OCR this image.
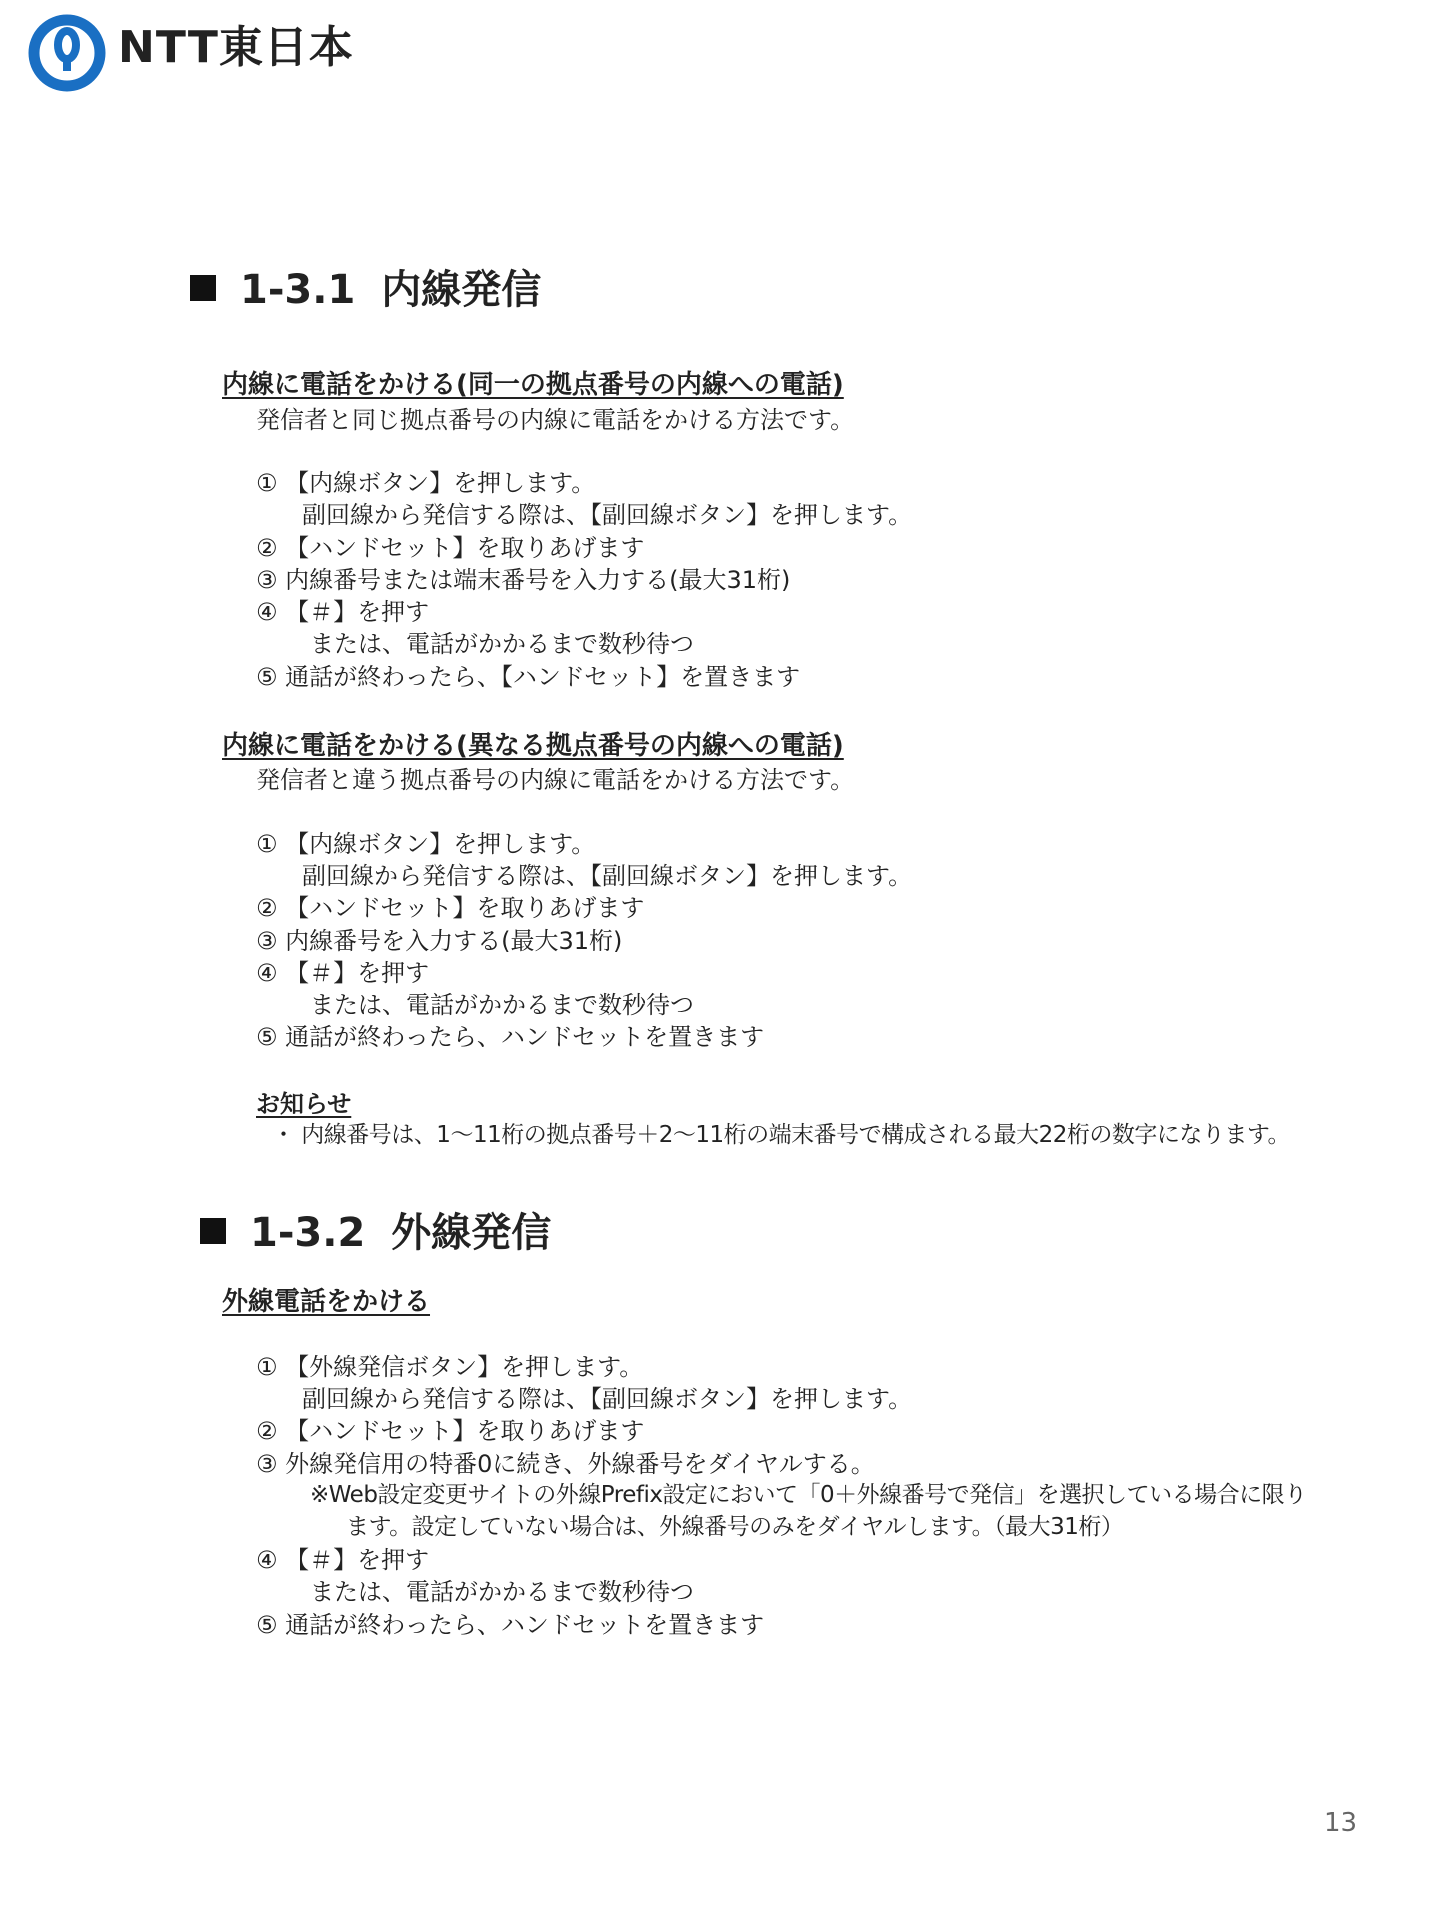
NTT東日本
1-3.1 内線発信
内線に電話をかける(同一の拠点番号の内線への電話)
発信者と同じ拠点番号の内線に電話をかける方法です。
① 【内線ボタン】を押します。
副回線から発信する際は、【副回線ボタン】を押します。
② 【ハンドセット】を取りあげます
③ 内線番号または端末番号を入力する(最大31桁)
④ 【＃】を押す
または、電話がかかるまで数秒待つ
⑤ 通話が終わったら、【ハンドセット】を置きます
内線に電話をかける(異なる拠点番号の内線への電話)
発信者と違う拠点番号の内線に電話をかける方法です。
① 【内線ボタン】を押します。
副回線から発信する際は、【副回線ボタン】を押します。
② 【ハンドセット】を取りあげます
③ 内線番号を入力する(最大31桁)
④ 【＃】を押す
または、電話がかかるまで数秒待つ
⑤ 通話が終わったら、ハンドセットを置きます
お知らせ
・ 内線番号は、1〜11桁の拠点番号＋2〜11桁の端末番号で構成される最大22桁の数字になります。
1-3.2 外線発信
外線電話をかける
① 【外線発信ボタン】を押します。
副回線から発信する際は、【副回線ボタン】を押します。
② 【ハンドセット】を取りあげます
③ 外線発信用の特番0に続き、外線番号をダイヤルする。
※Web設定変更サイトの外線Prefix設定において「0＋外線番号で発信」を選択している場合に限り
ます。設定していない場合は、外線番号のみをダイヤルします。（最大31桁）
④ 【＃】を押す
または、電話がかかるまで数秒待つ
⑤ 通話が終わったら、ハンドセットを置きます
13
